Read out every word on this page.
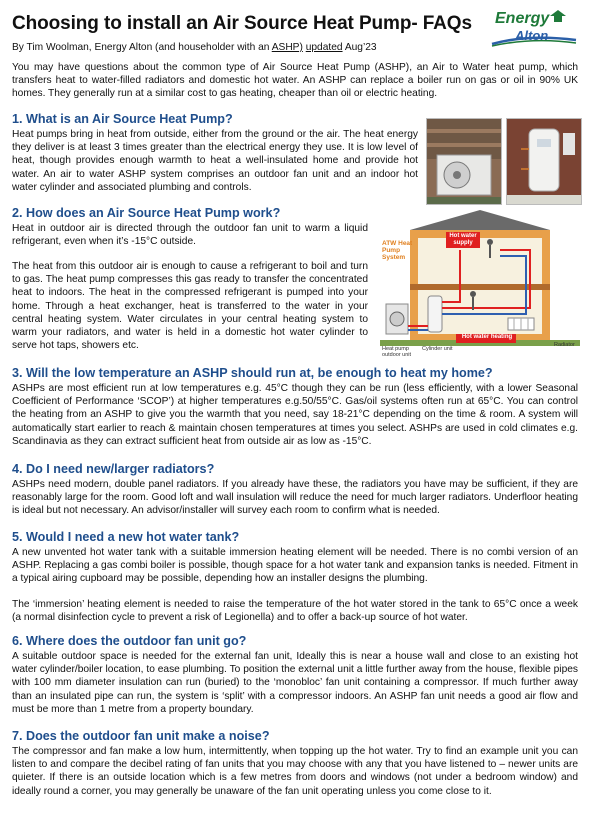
Choosing to install an Air Source Heat Pump- FAQs Energy
Alton
By Tim Woolman, Energy Alton (and householder with an ASHP) updated Aug’23

You may have questions about the common type of Air Source Heat Pump (ASHP), an Air to Water heat pump, which transfers heat to water-filled radiators and domestic hot water. An ASHP can replace a boiler run on gas or oil in 90% UK homes. They generally run at a similar cost to gas heating, cheaper than oil or electric heating.

1. What is an Air Source Heat Pump?

Heat pumps bring in heat from outside, either from the ground or the air. The heat energy they deliver is at least 3 times greater than the electrical energy they use. It is low level of heat, though provides enough warmth to heat a well-insulated home and provide hot water. An air to water ASHP system comprises an outdoor fan unit and an indoor hot water cylinder and associated plumbing and controls.

2. How does an Air Source Heat Pump work?

Heat in outdoor air is directed through the outdoor fan unit to warm a liquid refrigerant, even when it’s -15°C outside.

The heat from this outdoor air is enough to cause a refrigerant to boil and turn to gas. The heat pump compresses this gas ready to transfer the concentrated heat to indoors. The heat in the compressed refrigerant is pumped into your home. Through a heat exchanger, heat is transferred to the water in your central heating system. Water circulates in your central heating system to warm your radiators, and water is held in a domestic hot water cylinder to serve hot taps, showers etc.

ATW Heat Pump System
Hot water supply
Heat pump outdoor unit
Cylinder unit
Hot water heating
Radiator
3. Will the low temperature an ASHP should run at, be enough to heat my home?

ASHPs are most efficient run at low temperatures e.g. 45°C though they can be run (less efficiently, with a lower Seasonal Coefficient of Performance ‘SCOP’) at higher temperatures e.g.50/55°C. Gas/oil systems often run at 65°C. You can control the heating from an ASHP to give you the warmth that you need, say 18-21°C depending on the time & room. A system will automatically start earlier to reach & maintain chosen temperatures at times you select. ASHPs are used in cold climates e.g. Scandinavia as they can extract sufficient heat from outside air as low as -15°C.

4. Do I need new/larger radiators?

ASHPs need modern, double panel radiators. If you already have these, the radiators you have may be sufficient, if they are reasonably large for the room. Good loft and wall insulation will reduce the need for much larger radiators. Underfloor heating is ideal but not necessary. An advisor/installer will survey each room to confirm what is needed.

5. Would I need a new hot water tank?

A new unvented hot water tank with a suitable immersion heating element will be needed. There is no combi version of an ASHP. Replacing a gas combi boiler is possible, though space for a hot water tank and expansion tanks is needed. Fitment in a typical airing cupboard may be possible, depending how an installer designs the plumbing.

The ‘immersion’ heating element is needed to raise the temperature of the hot water stored in the tank to 65°C once a week (a normal disinfection cycle to prevent a risk of Legionella) and to offer a back-up source of hot water.

6. Where does the outdoor fan unit go?

A suitable outdoor space is needed for the external fan unit, Ideally this is near a house wall and close to an existing hot water cylinder/boiler location, to ease plumbing. To position the external unit a little further away from the house, flexible pipes with 100 mm diameter insulation can run (buried) to the ‘monobloc’ fan unit containing a compressor. If much further away than an insulated pipe can run, the system is ‘split’ with a compressor indoors. An ASHP fan unit needs a good air flow and must be more than 1 metre from a property boundary.

7. Does the outdoor fan unit make a noise?

The compressor and fan make a low hum, intermittently, when topping up the hot water. Try to find an example unit you can listen to and compare the decibel rating of fan units that you may choose with any that you have listened to – newer units are quieter. If there is an outside location which is a few metres from doors and windows (not under a bedroom window) and ideally round a corner, you may generally be unaware of the fan unit operating unless you come close to it.
